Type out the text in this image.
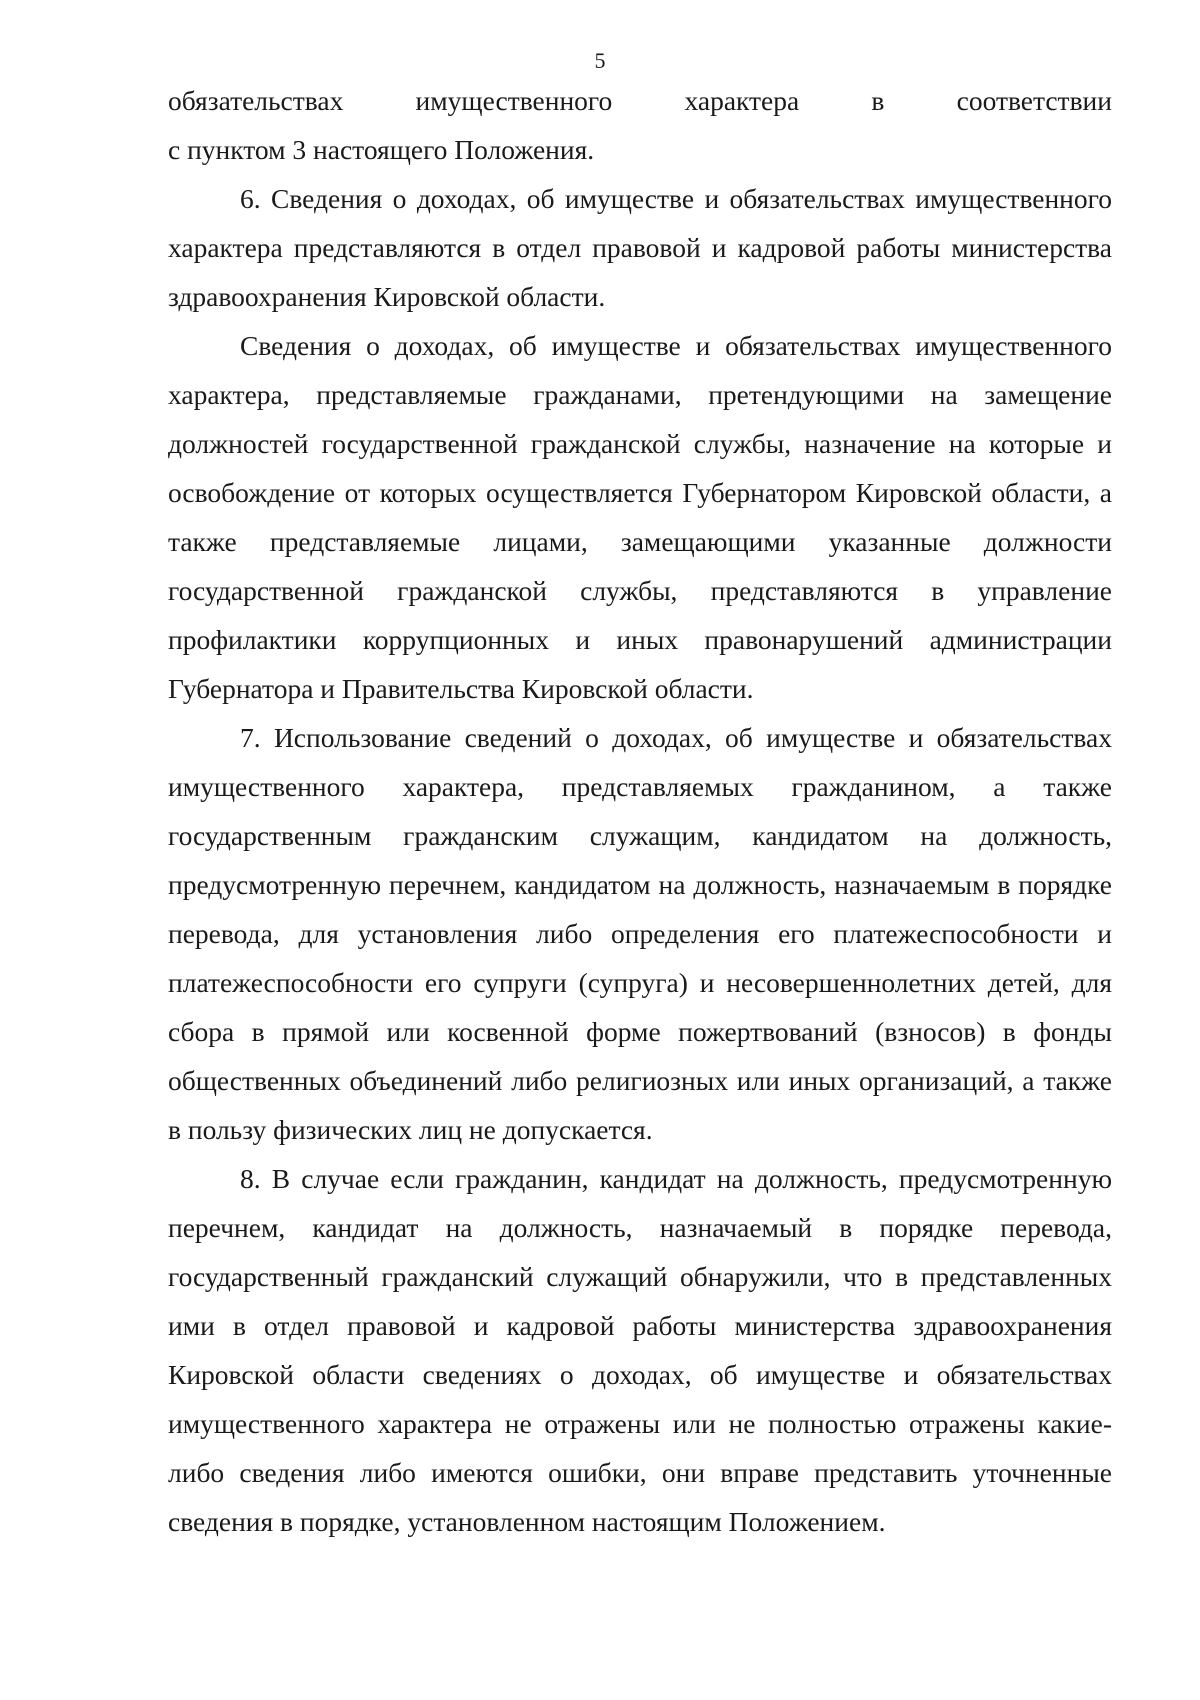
5

обязательствах имущественного характера в соответствии

с пунктом 3 настоящего Положения.

6. Сведения о доходах, об имуществе и обязательствах имущественного характера представляются в отдел правовой и кадровой работы министерства здравоохранения Кировской области.

Сведения о доходах, об имуществе и обязательствах имущественного характера, представляемые гражданами, претендующими на замещение должностей государственной гражданской службы, назначение на которые и освобождение от которых осуществляется Губернатором Кировской области, а также представляемые лицами, замещающими указанные должности государственной гражданской службы, представляются в управление профилактики коррупционных и иных правонарушений администрации Губернатора и Правительства Кировской области.

7. Использование сведений о доходах, об имуществе и обязательствах имущественного характера, представляемых гражданином, а также государственным гражданским служащим, кандидатом на должность, предусмотренную перечнем, кандидатом на должность, назначаемым в порядке перевода, для установления либо определения его платежеспособности и платежеспособности его супруги (супруга) и несовершеннолетних детей, для сбора в прямой или косвенной форме пожертвований (взносов) в фонды общественных объединений либо религиозных или иных организаций, а также в пользу физических лиц не допускается.

8. В случае если гражданин, кандидат на должность, предусмотренную перечнем, кандидат на должность, назначаемый в порядке перевода, государственный гражданский служащий обнаружили, что в представленных ими в отдел правовой и кадровой работы министерства здравоохранения Кировской области сведениях о доходах, об имуществе и обязательствах имущественного характера не отражены или не полностью отражены какие-либо сведения либо имеются ошибки, они вправе представить уточненные сведения в порядке, установленном настоящим Положением.
